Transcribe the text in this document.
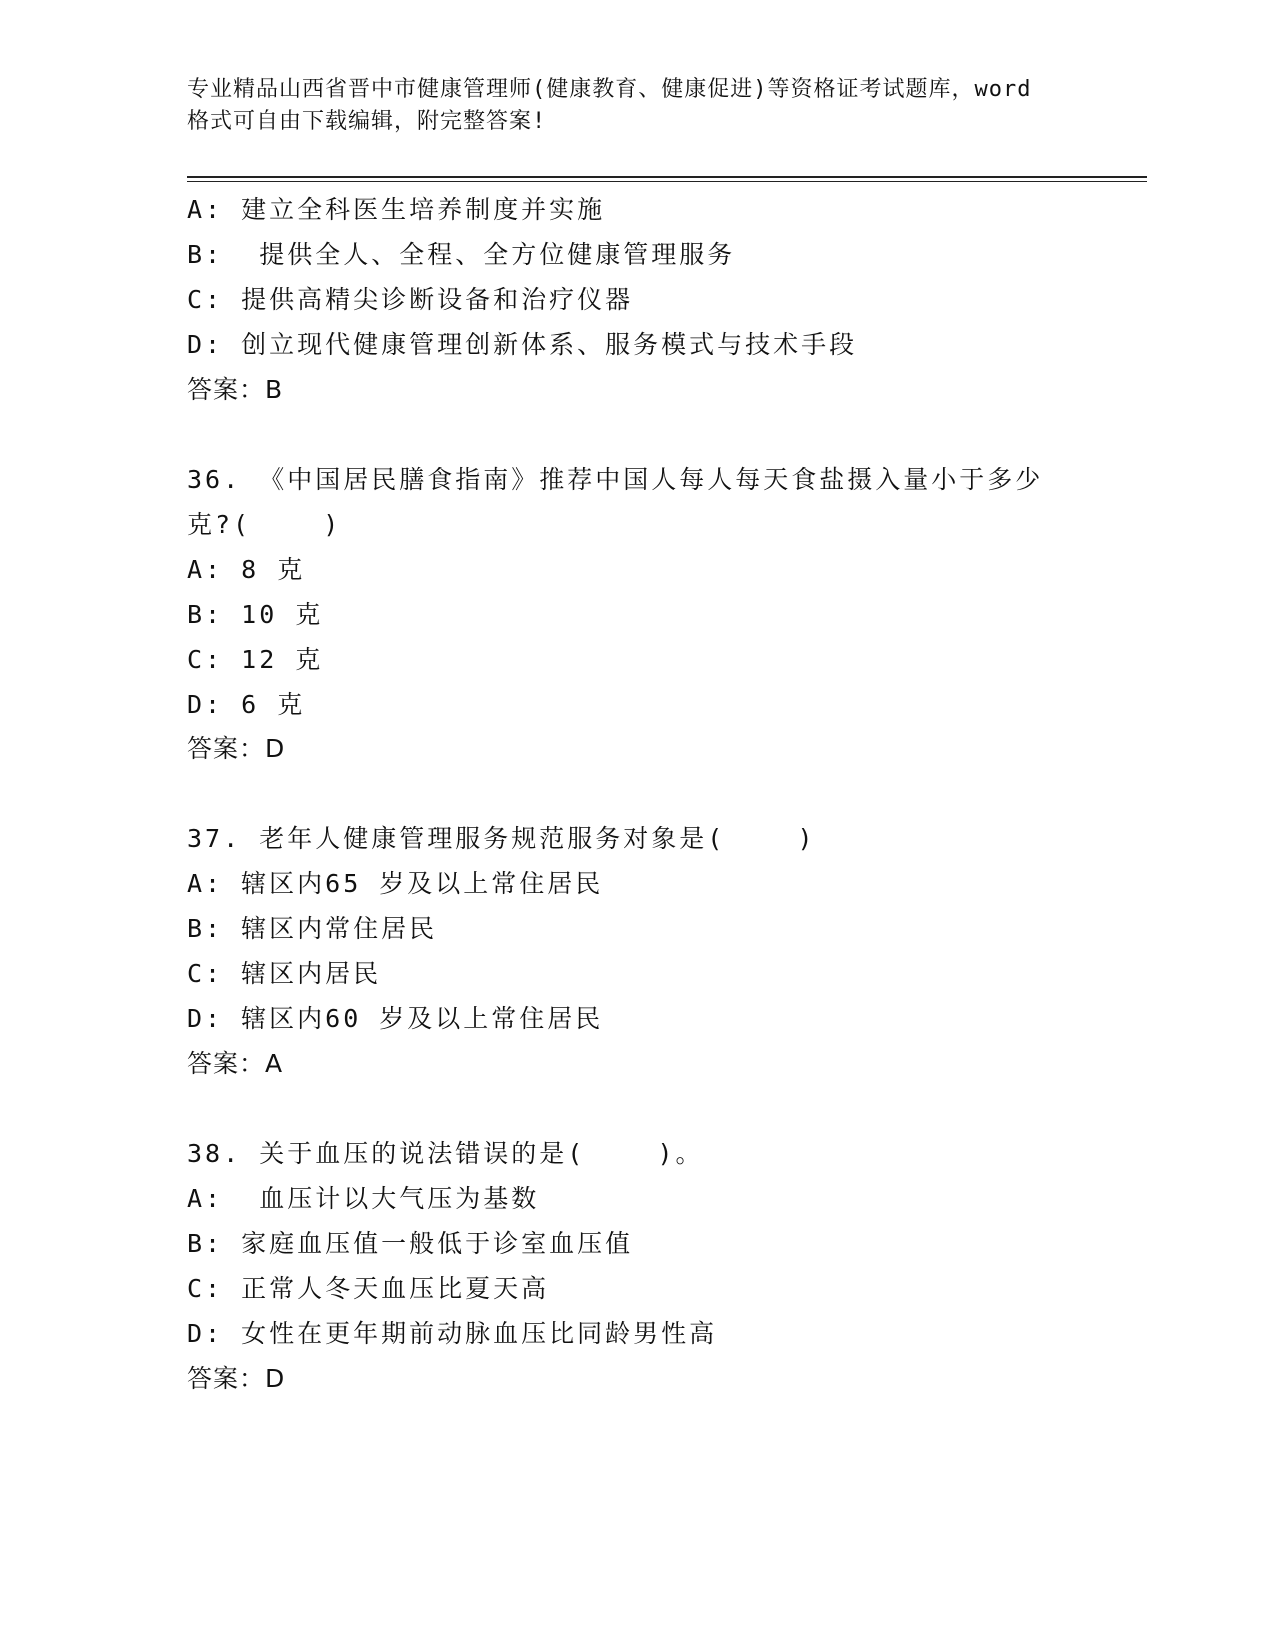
专业精品山西省晋中市健康管理师(健康教育、健康促进)等资格证考试题库，word
格式可自由下载编辑，附完整答案!
A: 建立全科医生培养制度并实施
B:  提供全人、全程、全方位健康管理服务
C: 提供高精尖诊断设备和治疗仪器
D: 创立现代健康管理创新体系、服务模式与技术手段
答案：B
36. 《中国居民膳食指南》推荐中国人每人每天食盐摄入量小于多少
克?(    )
A: 8 克
B: 10 克
C: 12 克
D: 6 克
答案：D
37. 老年人健康管理服务规范服务对象是(    )
A: 辖区内65 岁及以上常住居民
B: 辖区内常住居民
C: 辖区内居民
D: 辖区内60 岁及以上常住居民
答案：A
38. 关于血压的说法错误的是(    )。
A:  血压计以大气压为基数
B: 家庭血压值一般低于诊室血压值
C: 正常人冬天血压比夏天高
D: 女性在更年期前动脉血压比同龄男性高
答案：D
